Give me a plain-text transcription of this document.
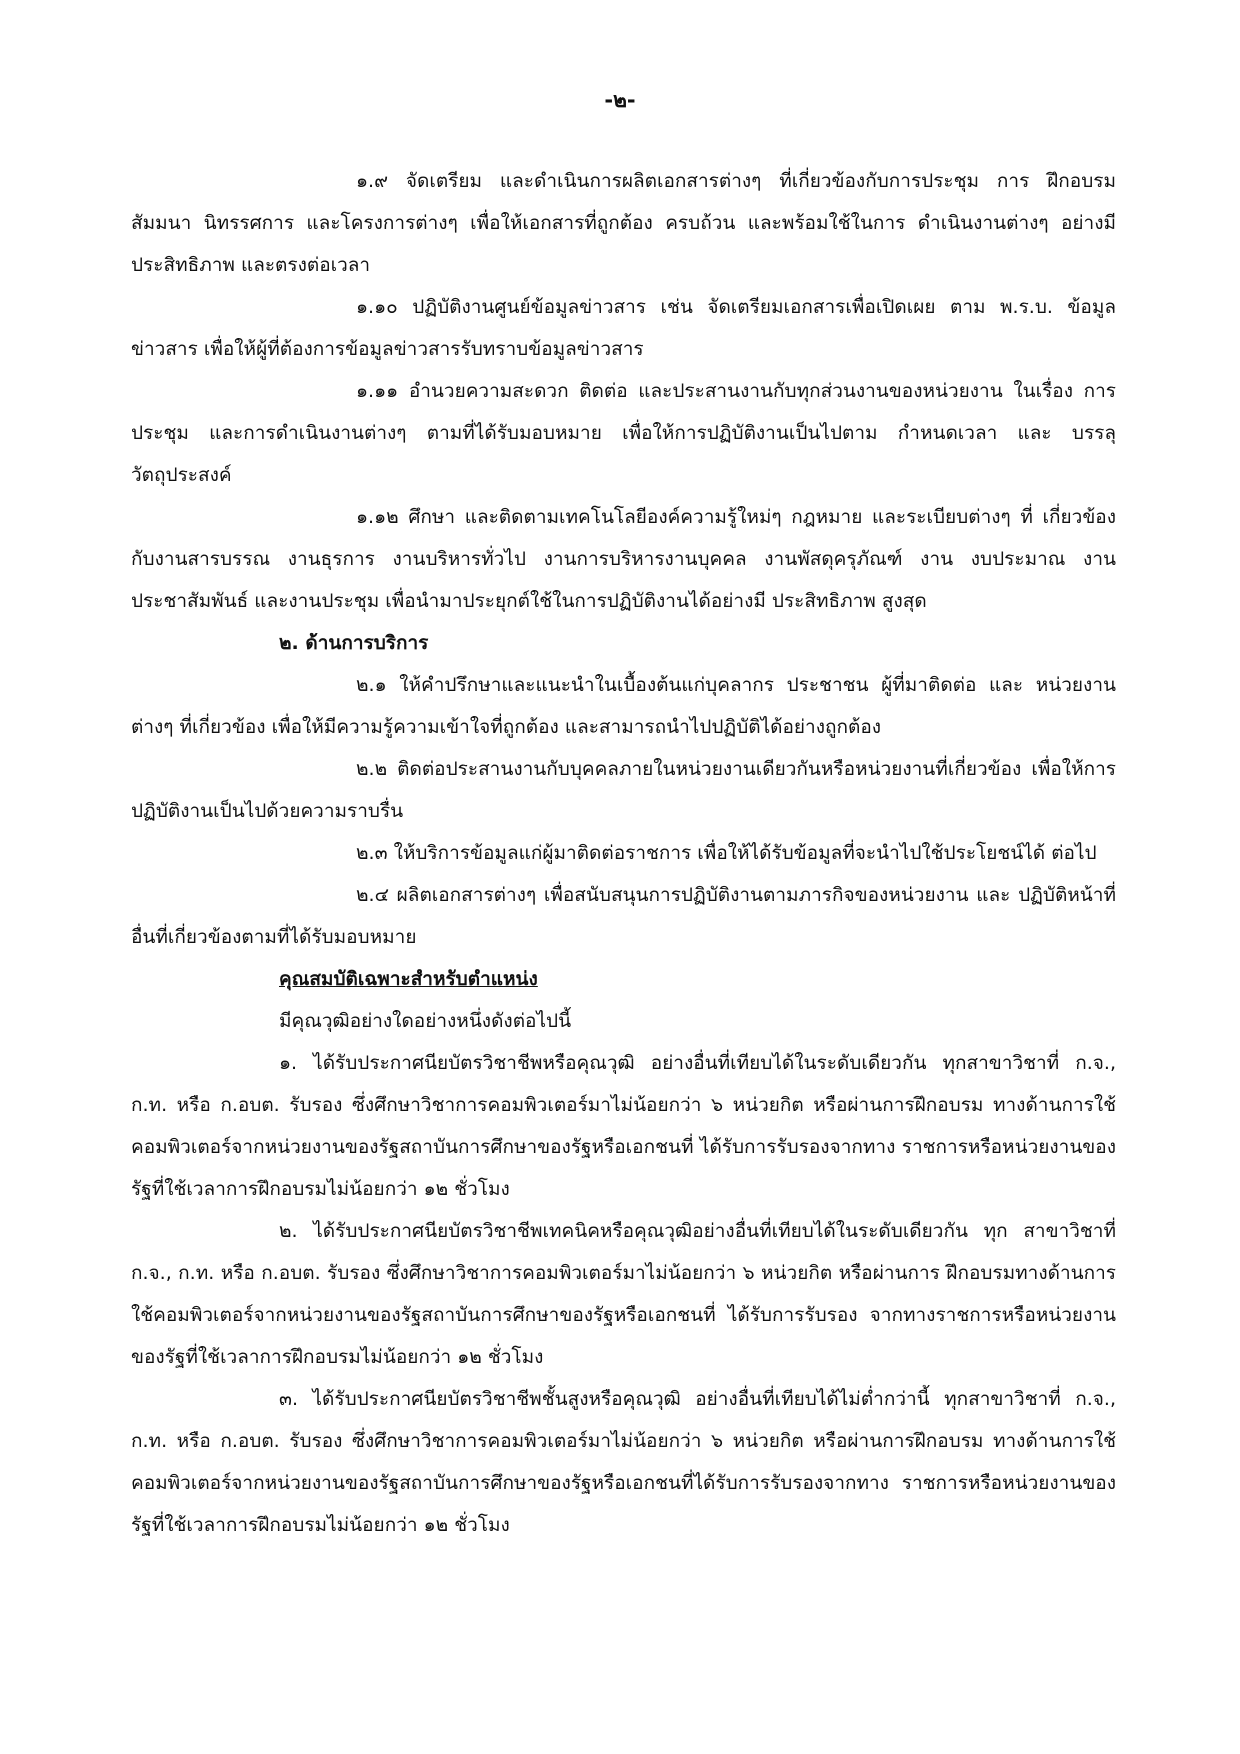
-๒-

๑.๙ จัดเตรียม และดำเนินการผลิตเอกสารต่างๆ ที่เกี่ยวข้องกับการประชุม การ ฝึกอบรม สัมมนา นิทรรศการ และโครงการต่างๆ เพื่อให้เอกสารที่ถูกต้อง ครบถ้วน และพร้อมใช้ในการ ดำเนินงานต่างๆ อย่างมีประสิทธิภาพ และตรงต่อเวลา

๑.๑๐ ปฏิบัติงานศูนย์ข้อมูลข่าวสาร เช่น จัดเตรียมเอกสารเพื่อเปิดเผย ตาม พ.ร.บ. ข้อมูลข่าวสาร เพื่อให้ผู้ที่ต้องการข้อมูลข่าวสารรับทราบข้อมูลข่าวสาร

๑.๑๑ อำนวยความสะดวก ติดต่อ และประสานงานกับทุกส่วนงานของหน่วยงาน ในเรื่อง การประชุม และการดำเนินงานต่างๆ ตามที่ได้รับมอบหมาย เพื่อให้การปฏิบัติงานเป็นไปตาม กำหนดเวลา และ บรรลุวัตถุประสงค์

๑.๑๒ ศึกษา และติดตามเทคโนโลยีองค์ความรู้ใหม่ๆ กฎหมาย และระเบียบต่างๆ ที่ เกี่ยวข้องกับงานสารบรรณ งานธุรการ งานบริหารทั่วไป งานการบริหารงานบุคคล งานพัสดุครุภัณฑ์ งาน งบประมาณ งานประชาสัมพันธ์ และงานประชุม เพื่อนำมาประยุกต์ใช้ในการปฏิบัติงานได้อย่างมี ประสิทธิภาพ สูงสุด

๒. ด้านการบริการ

๒.๑ ให้คำปรึกษาและแนะนำในเบื้องต้นแก่บุคลากร ประชาชน ผู้ที่มาติดต่อ และ หน่วยงานต่างๆ ที่เกี่ยวข้อง เพื่อให้มีความรู้ความเข้าใจที่ถูกต้อง และสามารถนำไปปฏิบัติได้อย่างถูกต้อง

๒.๒ ติดต่อประสานงานกับบุคคลภายในหน่วยงานเดียวกันหรือหน่วยงานที่เกี่ยวข้อง เพื่อให้การปฏิบัติงานเป็นไปด้วยความราบรื่น

๒.๓ ให้บริการข้อมูลแก่ผู้มาติดต่อราชการ เพื่อให้ได้รับข้อมูลที่จะนำไปใช้ประโยชน์ได้ ต่อไป

๒.๔ ผลิตเอกสารต่างๆ เพื่อสนับสนุนการปฏิบัติงานตามภารกิจของหน่วยงาน และ ปฏิบัติหน้าที่อื่นที่เกี่ยวข้องตามที่ได้รับมอบหมาย

คุณสมบัติเฉพาะสำหรับตำแหน่ง

มีคุณวุฒิอย่างใดอย่างหนึ่งดังต่อไปนี้

๑. ได้รับประกาศนียบัตรวิชาชีพหรือคุณวุฒิ อย่างอื่นที่เทียบได้ในระดับเดียวกัน ทุกสาขาวิชาที่ ก.จ., ก.ท. หรือ ก.อบต. รับรอง ซึ่งศึกษาวิชาการคอมพิวเตอร์มาไม่น้อยกว่า ๖ หน่วยกิต หรือผ่านการฝึกอบรม ทางด้านการใช้คอมพิวเตอร์จากหน่วยงานของรัฐสถาบันการศึกษาของรัฐหรือเอกชนที่ ได้รับการรับรองจากทาง ราชการหรือหน่วยงานของรัฐที่ใช้เวลาการฝึกอบรมไม่น้อยกว่า ๑๒ ชั่วโมง

๒. ได้รับประกาศนียบัตรวิชาชีพเทคนิคหรือคุณวุฒิอย่างอื่นที่เทียบได้ในระดับเดียวกัน ทุก สาขาวิชาที่ ก.จ., ก.ท. หรือ ก.อบต. รับรอง ซึ่งศึกษาวิชาการคอมพิวเตอร์มาไม่น้อยกว่า ๖ หน่วยกิต หรือผ่านการ ฝึกอบรมทางด้านการใช้คอมพิวเตอร์จากหน่วยงานของรัฐสถาบันการศึกษาของรัฐหรือเอกชนที่ ได้รับการรับรอง จากทางราชการหรือหน่วยงานของรัฐที่ใช้เวลาการฝึกอบรมไม่น้อยกว่า ๑๒ ชั่วโมง

๓. ได้รับประกาศนียบัตรวิชาชีพชั้นสูงหรือคุณวุฒิ อย่างอื่นที่เทียบได้ไม่ต่ำกว่านี้ ทุกสาขาวิชาที่ ก.จ., ก.ท. หรือ ก.อบต. รับรอง ซึ่งศึกษาวิชาการคอมพิวเตอร์มาไม่น้อยกว่า ๖ หน่วยกิต หรือผ่านการฝึกอบรม ทางด้านการใช้คอมพิวเตอร์จากหน่วยงานของรัฐสถาบันการศึกษาของรัฐหรือเอกชนที่ได้รับการรับรองจากทาง ราชการหรือหน่วยงานของรัฐที่ใช้เวลาการฝึกอบรมไม่น้อยกว่า ๑๒ ชั่วโมง
